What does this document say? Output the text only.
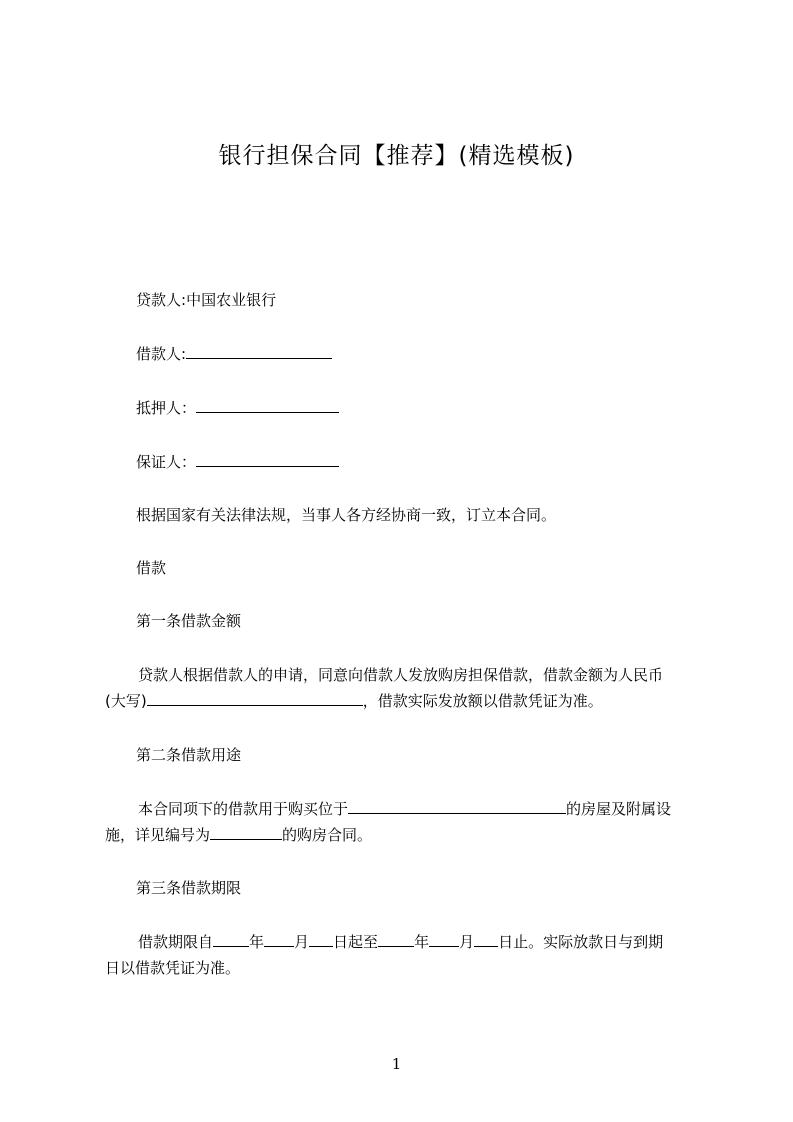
银行担保合同【推荐】(精选模板)
贷款人:中国农业银行
借款人:
抵押人：
保证人：
根据国家有关法律法规，当事人各方经协商一致，订立本合同。
借款
第一条借款金额
贷款人根据借款人的申请，同意向借款人发放购房担保借款，借款金额为人民币
(大写)	，借款实际发放额以借款凭证为准。
第二条借款用途
本合同项下的借款用于购买位于	的房屋及附属设
施，详见编号为	的购房合同。
第三条借款期限
借款期限自 年 月 日起至 年 月 日止。实际放款日与到期
日以借款凭证为准。
1
